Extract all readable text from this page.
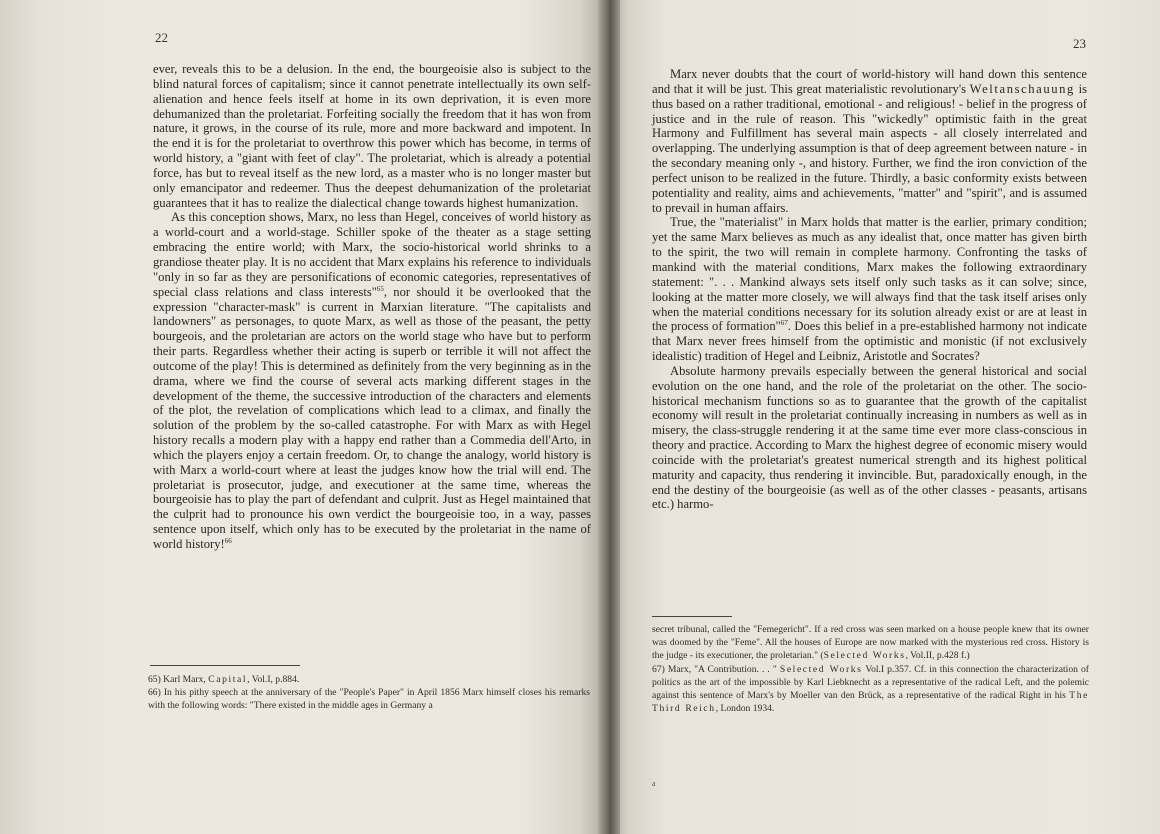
22

ever, reveals this to be a delusion. In the end, the bourgeoisie also is subject to the blind natural forces of capitalism; since it cannot penetrate intellectually its own self-alienation and hence feels itself at home in its own deprivation, it is even more dehumanized than the proletariat. Forfeiting socially the freedom that it has won from nature, it grows, in the course of its rule, more and more backward and impotent. In the end it is for the proletariat to overthrow this power which has become, in terms of world history, a "giant with feet of clay". The proletariat, which is already a potential force, has but to reveal itself as the new lord, as a master who is no longer master but only emancipator and redeemer. Thus the deepest dehumanization of the proletariat guarantees that it has to realize the dialectical change towards highest humanization.

As this conception shows, Marx, no less than Hegel, conceives of world history as a world-court and a world-stage. Schiller spoke of the theater as a stage setting embracing the entire world; with Marx, the socio-historical world shrinks to a grandiose theater play. It is no accident that Marx explains his reference to individuals "only in so far as they are personifications of economic categories, representatives of special class relations and class interests"$^{65}$, nor should it be overlooked that the expression "character-mask" is current in Marxian literature. "The capitalists and landowners" as personages, to quote Marx, as well as those of the peasant, the petty bourgeois, and the proletarian are actors on the world stage who have but to perform their parts. Regardless whether their acting is superb or terrible it will not affect the outcome of the play! This is determined as definitely from the very beginning as in the drama, where we find the course of several acts marking different stages in the development of the theme, the successive introduction of the characters and elements of the plot, the revelation of complications which lead to a climax, and finally the solution of the problem by the so-called catastrophe. For with Marx as with Hegel history recalls a modern play with a happy end rather than a Commedia dell'Arto, in which the players enjoy a certain freedom. Or, to change the analogy, world history is with Marx a world-court where at least the judges know how the trial will end. The proletariat is prosecutor, judge, and executioner at the same time, whereas the bourgeoisie has to play the part of defendant and culprit. Just as Hegel maintained that the culprit had to pronounce his own verdict the bourgeoisie too, in a way, passes sentence upon itself, which only has to be executed by the proletariat in the name of world history!$^{66}$

65) Karl Marx, Capital, Vol.I, p.884.

66) In his pithy speech at the anniversary of the "People's Paper" in April 1856 Marx himself closes his remarks with the following words: "There existed in the middle ages in Germany a

23

Marx never doubts that the court of world-history will hand down this sentence and that it will be just. This great materialistic revolutionary's Weltanschauung is thus based on a rather traditional, emotional - and religious! - belief in the progress of justice and in the rule of reason. This "wickedly" optimistic faith in the great Harmony and Fulfillment has several main aspects - all closely interrelated and overlapping. The underlying assumption is that of deep agreement between nature - in the secondary meaning only -, and history. Further, we find the iron conviction of the perfect unison to be realized in the future. Thirdly, a basic conformity exists between potentiality and reality, aims and achievements, "matter" and "spirit", and is assumed to prevail in human affairs.

True, the "materialist" in Marx holds that matter is the earlier, primary condition; yet the same Marx believes as much as any idealist that, once matter has given birth to the spirit, the two will remain in complete harmony. Confronting the tasks of mankind with the material conditions, Marx makes the following extraordinary statement: ". . . Mankind always sets itself only such tasks as it can solve; since, looking at the matter more closely, we will always find that the task itself arises only when the material conditions necessary for its solution already exist or are at least in the process of formation"$^{67}$. Does this belief in a pre-established harmony not indicate that Marx never frees himself from the optimistic and monistic (if not exclusively idealistic) tradition of Hegel and Leibniz, Aristotle and Socrates?

Absolute harmony prevails especially between the general historical and social evolution on the one hand, and the role of the proletariat on the other. The socio-historical mechanism functions so as to guarantee that the growth of the capitalist economy will result in the proletariat continually increasing in numbers as well as in misery, the class-struggle rendering it at the same time ever more class-conscious in theory and practice. According to Marx the highest degree of economic misery would coincide with the proletariat's greatest numerical strength and its highest political maturity and capacity, thus rendering it invincible. But, paradoxically enough, in the end the destiny of the bourgeoisie (as well as of the other classes - peasants, artisans etc.) harmo-

secret tribunal, called the "Femegericht". If a red cross was seen marked on a house people knew that its owner was doomed by the "Feme". All the houses of Europe are now marked with the mysterious red cross. History is the judge - its executioner, the proletarian." (Selected Works, Vol.II, p.428 f.)

67) Marx, "A Contribution. . . " Selected Works Vol.I p.357. Cf. in this connection the characterization of politics as the art of the impossible by Karl Liebknecht as a representative of the radical Left, and the polemic against this sentence of Marx's by Moeller van den Brück, as a representative of the radical Right in his The Third Reich, London 1934.

a
